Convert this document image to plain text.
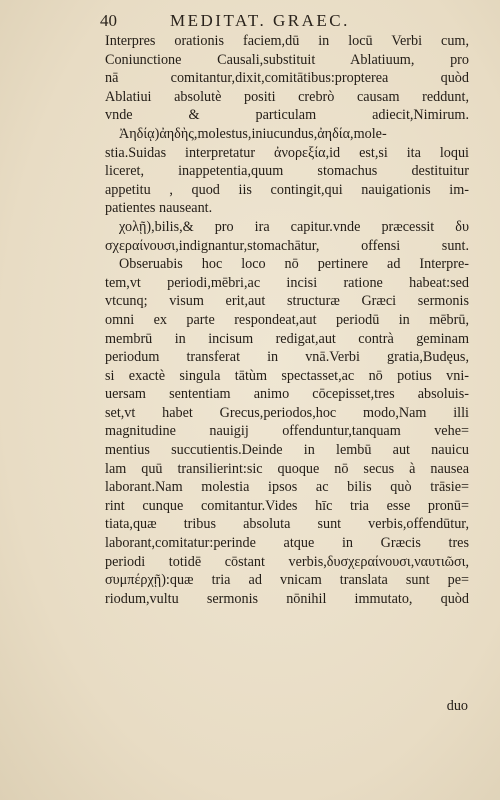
40	MEDITAT. GRAEC.
Interpres orationis faciem,dū in locū Verbi cum,
Coniunctione Causali,substituit Ablatiuum, pro
nā comitantur,dixit,comitātibus:propterea quòd
Ablatiui absolutè positi crebrò causam reddunt,
vnde & particulam adiecit,Nimirum.
Ἀηδίᾳ)ἀηδὴς,molestus,iniucundus,ἀηδία,mole-
stia.Suidas interpretatur ἀνορεξία,id est,si ita loqui
liceret, inappetentia,quum stomachus destituitur
appetitu , quod iis contingit,qui nauigationis im-
patientes nauseant.
χολῇ),bilis,& pro ira capitur.vnde præcessit δυ
σχεραίνουσι,indignantur,stomachātur, offensi sunt.
Obseruabis hoc loco nō pertinere ad Interpre-
tem,vt periodi,mēbri,ac incisi ratione habeat:sed
vtcunq; visum erit,aut structuræ Græci sermonis
omni ex parte respondeat,aut periodū in mēbrū,
membrū in incisum redigat,aut contrà geminam
periodum transferat in vnā.Verbi gratia,Budęus,
si exactè singula tātùm spectasset,ac nō potius vni-
uersam sententiam animo cōcepisset,tres absoluis-
set,vt habet Grecus,periodos,hoc modo,Nam illi
magnitudine nauigij offenduntur,tanquam vehe=
mentius succutientis.Deinde in lembū aut nauicu
lam quū transilierint:sic quoque nō secus à nausea
laborant.Nam molestia ipsos ac bilis quò trāsie=
rint cunque comitantur.Vides hīc tria esse pronū=
tiata,quæ tribus absoluta sunt verbis,offendūtur,
laborant,comitatur:perinde atque in Græcis tres
periodi totidē cōstant verbis,δυσχεραίνουσι,ναυτιῶσι,
συμπέρχῇ):quæ tria ad vnicam translata sunt pe=
riodum,vultu sermonis nōnihil immutato, quòd
duo
